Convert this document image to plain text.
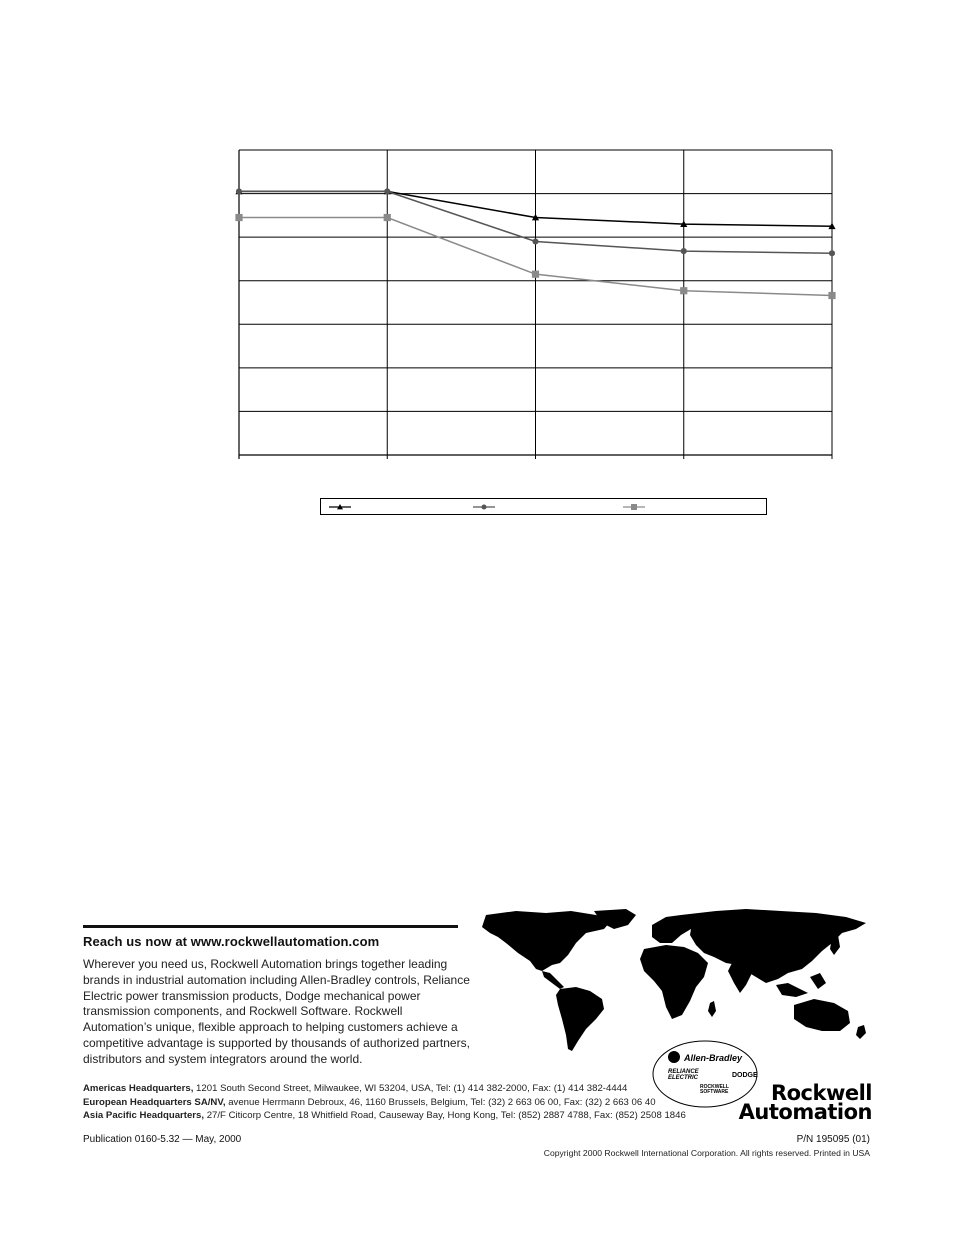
Reach us now at www.rockwellautomation.com
Wherever you need us, Rockwell Automation brings together leading brands in industrial automation including Allen-Bradley controls, Reliance Electric power transmission products, Dodge mechanical power transmission components, and Rockwell Software. Rockwell Automation’s unique, flexible approach to helping customers achieve a competitive advantage is supported by thousands of authorized partners, distributors and system integrators around the world.
Americas Headquarters, 1201 South Second Street, Milwaukee, WI 53204, USA, Tel: (1) 414 382-2000, Fax: (1) 414 382-4444
European Headquarters SA/NV, avenue Herrmann Debroux, 46, 1160 Brussels, Belgium, Tel: (32) 2 663 06 00, Fax: (32) 2 663 06 40
Asia Pacific Headquarters, 27/F Citicorp Centre, 18 Whitfield Road, Causeway Bay, Hong Kong, Tel: (852) 2887 4788, Fax: (852) 2508 1846
Publication 0160-5.32 — May, 2000	P/N 195095 (01)
Copyright 2000 Rockwell International Corporation. All rights reserved. Printed in USA
Allen-Bradley
RELIANCE
ELECTRIC	DODGE
ROCKWELL
SOFTWARE	Rockwell
Automation
